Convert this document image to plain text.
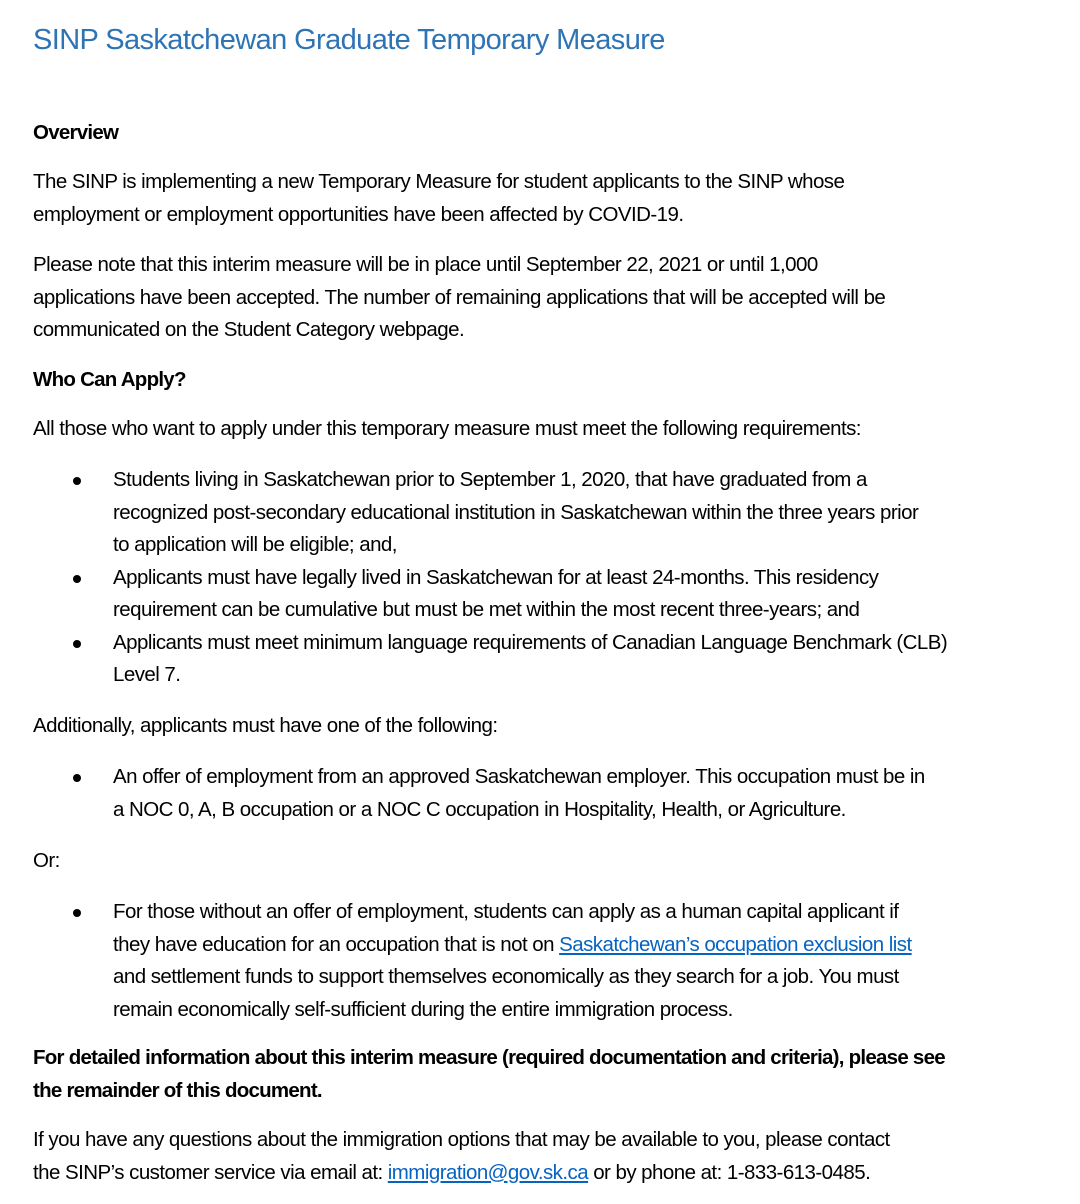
SINP Saskatchewan Graduate Temporary Measure
Overview
The SINP is implementing a new Temporary Measure for student applicants to the SINP whose
employment or employment opportunities have been affected by COVID-19.
Please note that this interim measure will be in place until September 22, 2021 or until 1,000
applications have been accepted. The number of remaining applications that will be accepted will be
communicated on the Student Category webpage.
Who Can Apply?
All those who want to apply under this temporary measure must meet the following requirements:
Students living in Saskatchewan prior to September 1, 2020, that have graduated from a
recognized post-secondary educational institution in Saskatchewan within the three years prior
to application will be eligible; and,
Applicants must have legally lived in Saskatchewan for at least 24-months. This residency
requirement can be cumulative but must be met within the most recent three-years; and
Applicants must meet minimum language requirements of Canadian Language Benchmark (CLB)
Level 7.
Additionally, applicants must have one of the following:
An offer of employment from an approved Saskatchewan employer. This occupation must be in
a NOC 0, A, B occupation or a NOC C occupation in Hospitality, Health, or Agriculture.
Or:
For those without an offer of employment, students can apply as a human capital applicant if
they have education for an occupation that is not on Saskatchewan’s occupation exclusion list
and settlement funds to support themselves economically as they search for a job. You must
remain economically self-sufficient during the entire immigration process.
For detailed information about this interim measure (required documentation and criteria), please see
the remainder of this document.
If you have any questions about the immigration options that may be available to you, please contact
the SINP’s customer service via email at: immigration@gov.sk.ca or by phone at: 1-833-613-0485.
